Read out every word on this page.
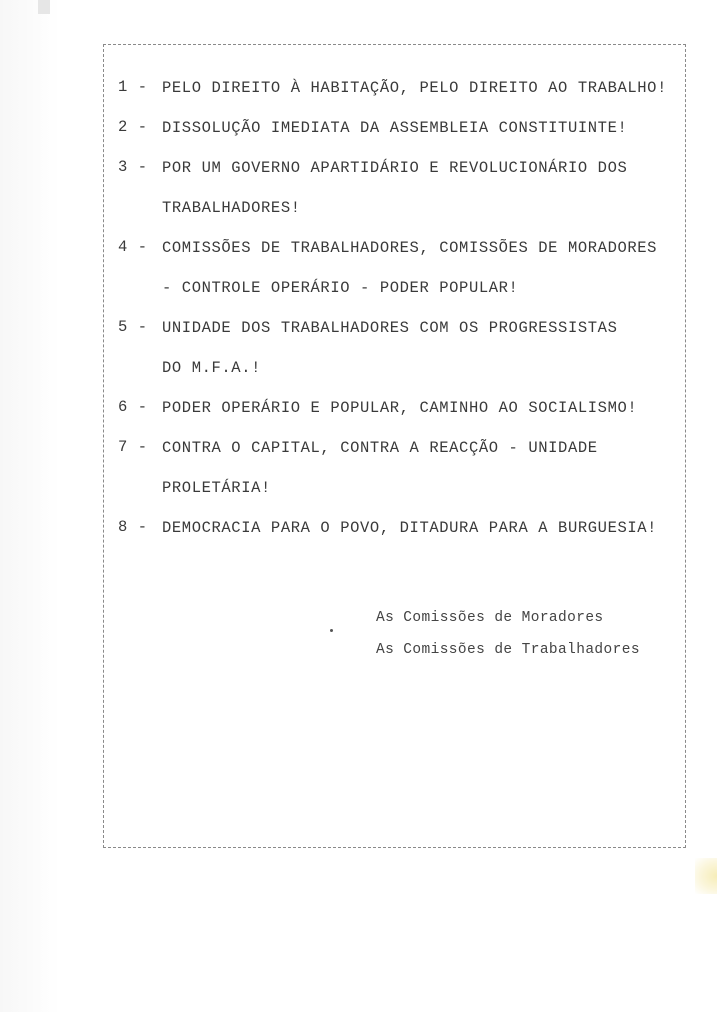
1 - PELO DIREITO À HABITAÇÃO, PELO DIREITO AO TRABALHO!
2 - DISSOLUÇÃO IMEDIATA DA ASSEMBLEIA CONSTITUINTE!
3 - POR UM GOVERNO APARTIDÁRIO E REVOLUCIONÁRIO DOS
TRABALHADORES!
4 - COMISSÕES DE TRABALHADORES, COMISSÕES DE MORADORES
- CONTROLE OPERÁRIO - PODER POPULAR!
5 - UNIDADE DOS TRABALHADORES COM OS PROGRESSISTAS
DO M.F.A.!
6 - PODER OPERÁRIO E POPULAR, CAMINHO AO SOCIALISMO!
7 - CONTRA O CAPITAL, CONTRA A REACÇÃO - UNIDADE
PROLETÁRIA!
8 - DEMOCRACIA PARA O POVO, DITADURA PARA A BURGUESIA!
As Comissões de Moradores
As Comissões de Trabalhadores
